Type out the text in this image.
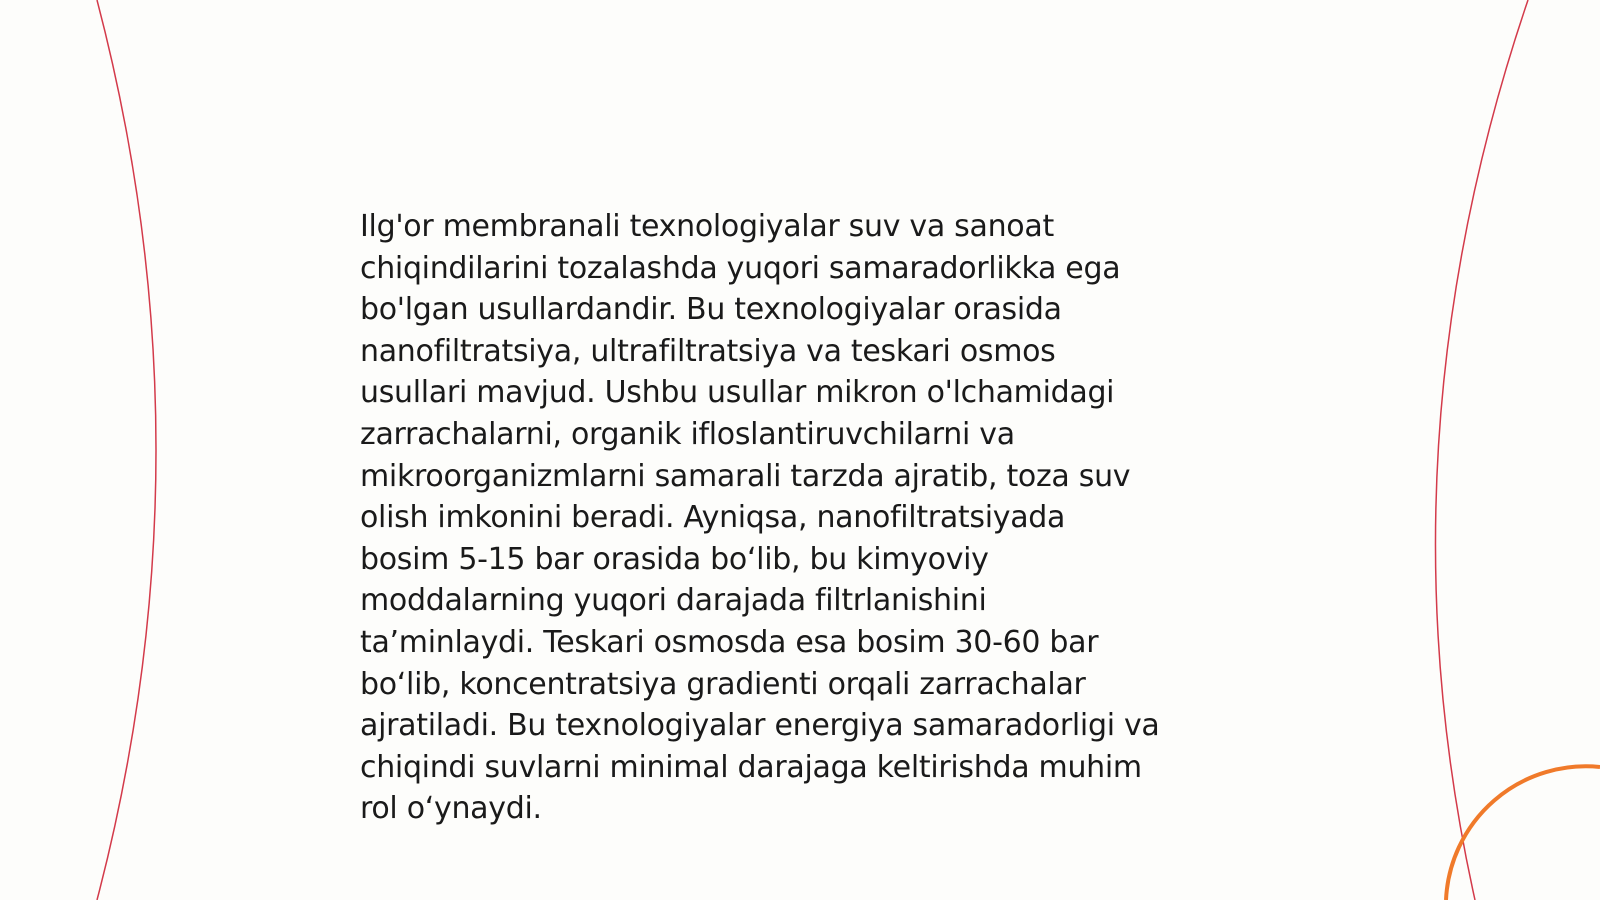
Ilg'or membranali texnologiyalar suv va sanoat
chiqindilarini tozalashda yuqori samaradorlikka ega
bo'lgan usullardandir. Bu texnologiyalar orasida
nanofiltratsiya, ultrafiltratsiya va teskari osmos
usullari mavjud. Ushbu usullar mikron o'lchamidagi
zarrachalarni, organik ifloslantiruvchilarni va
mikroorganizmlarni samarali tarzda ajratib, toza suv
olish imkonini beradi. Ayniqsa, nanofiltratsiyada
bosim 5-15 bar orasida bo‘lib, bu kimyoviy
moddalarning yuqori darajada filtrlanishini
ta’minlaydi. Teskari osmosda esa bosim 30-60 bar
bo‘lib, koncentratsiya gradienti orqali zarrachalar
ajratiladi. Bu texnologiyalar energiya samaradorligi va
chiqindi suvlarni minimal darajaga keltirishda muhim
rol o‘ynaydi.
